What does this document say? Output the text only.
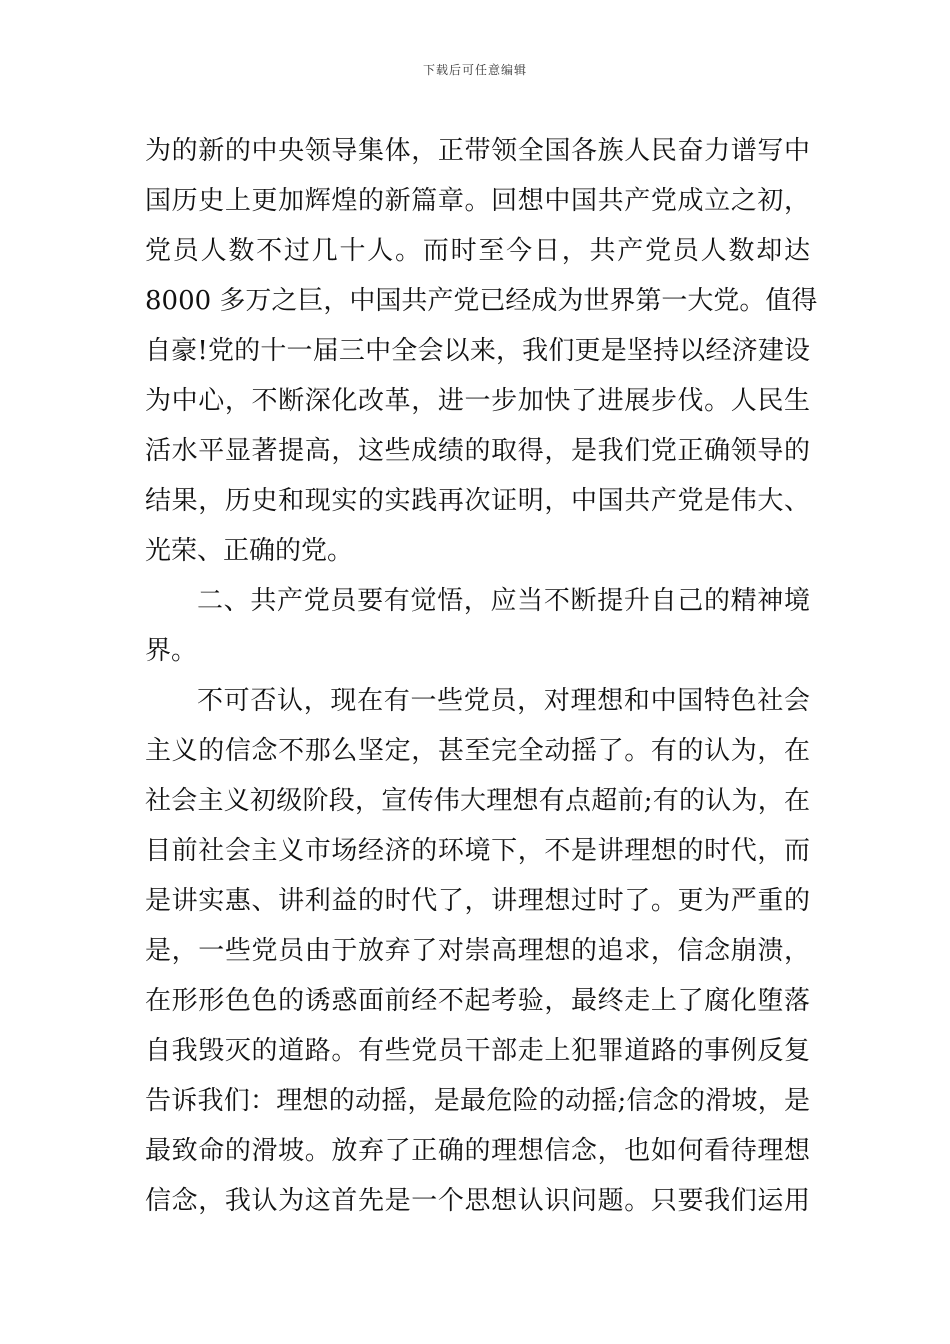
下载后可任意编辑
为的新的中央领导集体，正带领全国各族人民奋力谱写中
国历史上更加辉煌的新篇章。回想中国共产党成立之初，
党员人数不过几十人。而时至今日，共产党员人数却达
8000 多万之巨，中国共产党已经成为世界第一大党。值得
自豪!党的十一届三中全会以来，我们更是坚持以经济建设
为中心，不断深化改革，进一步加快了进展步伐。人民生
活水平显著提高，这些成绩的取得，是我们党正确领导的
结果，历史和现实的实践再次证明，中国共产党是伟大、
光荣、正确的党。
二、共产党员要有觉悟，应当不断提升自己的精神境
界。
不可否认，现在有一些党员，对理想和中国特色社会
主义的信念不那么坚定，甚至完全动摇了。有的认为，在
社会主义初级阶段，宣传伟大理想有点超前;有的认为，在
目前社会主义市场经济的环境下，不是讲理想的时代，而
是讲实惠、讲利益的时代了，讲理想过时了。更为严重的
是，一些党员由于放弃了对崇高理想的追求，信念崩溃，
在形形色色的诱惑面前经不起考验，最终走上了腐化堕落
自我毁灭的道路。有些党员干部走上犯罪道路的事例反复
告诉我们：理想的动摇，是最危险的动摇;信念的滑坡，是
最致命的滑坡。放弃了正确的理想信念，也如何看待理想
信念，我认为这首先是一个思想认识问题。只要我们运用
